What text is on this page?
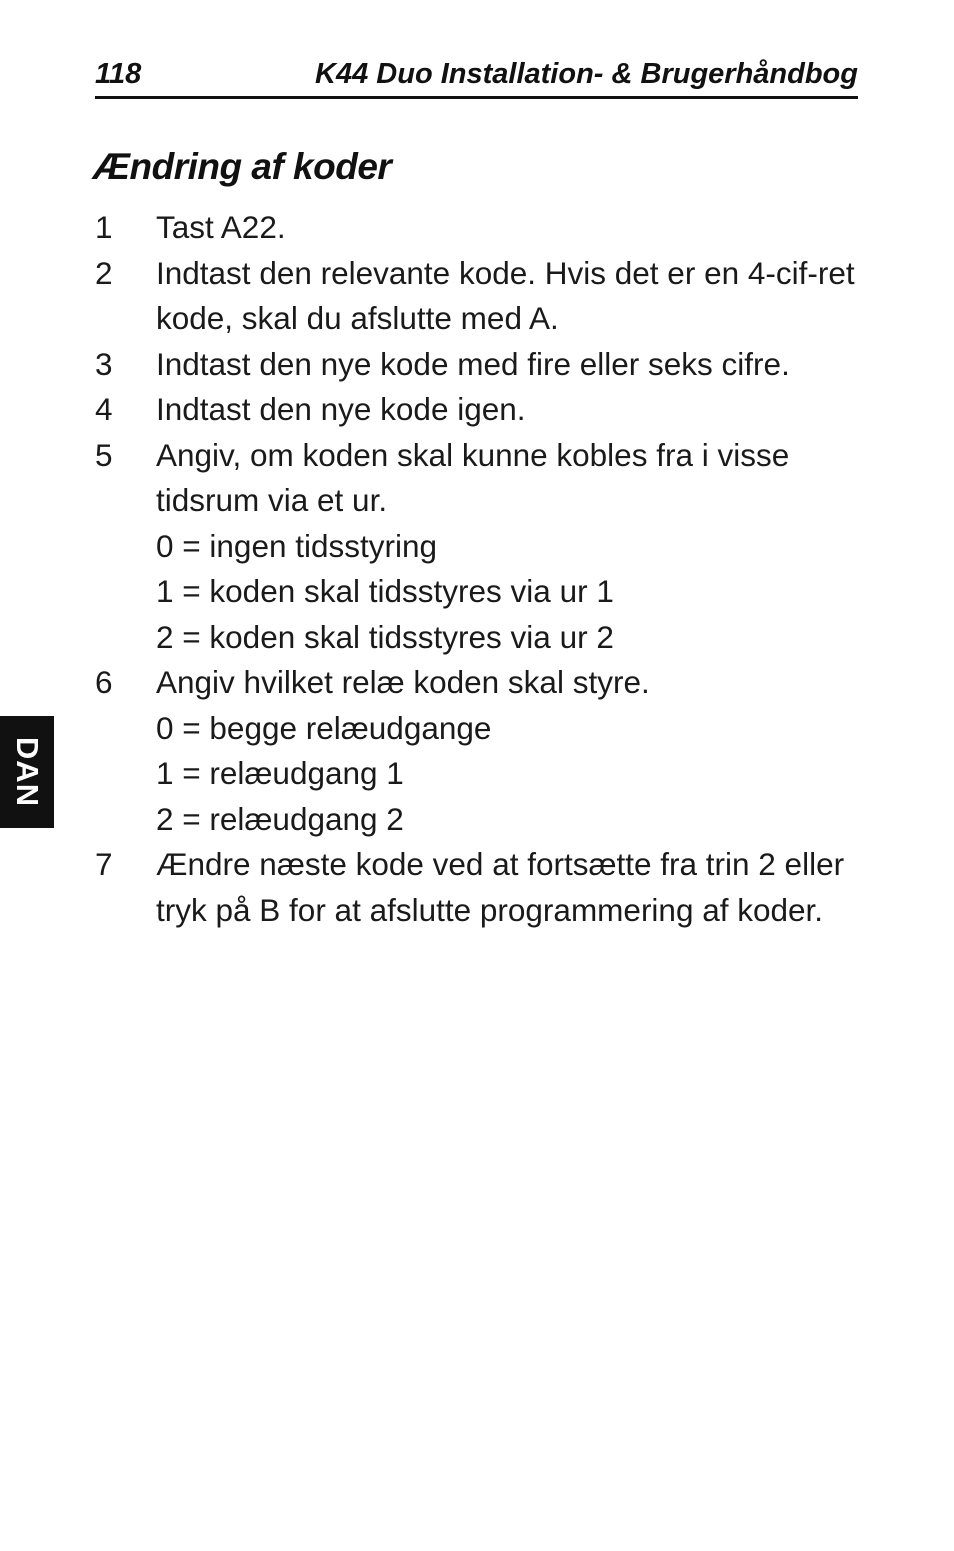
118	K44 Duo Installation- & Brugerhåndbog
Ændring af koder
1 Tast A22.
2 Indtast den relevante kode. Hvis det er en 4-cif-ret kode, skal du afslutte med A.
3 Indtast den nye kode med fire eller seks cifre.
4 Indtast den nye kode igen.
5 Angiv, om koden skal kunne kobles fra i visse tidsrum via et ur.
0 = ingen tidsstyring
1 = koden skal tidsstyres via ur 1
2 = koden skal tidsstyres via ur 2
6 Angiv hvilket relæ koden skal styre.
0 = begge relæudgange
1 = relæudgang 1
2 = relæudgang 2
7 Ændre næste kode ved at fortsætte fra trin 2 eller tryk på B for at afslutte programmering af koder.
DAN
